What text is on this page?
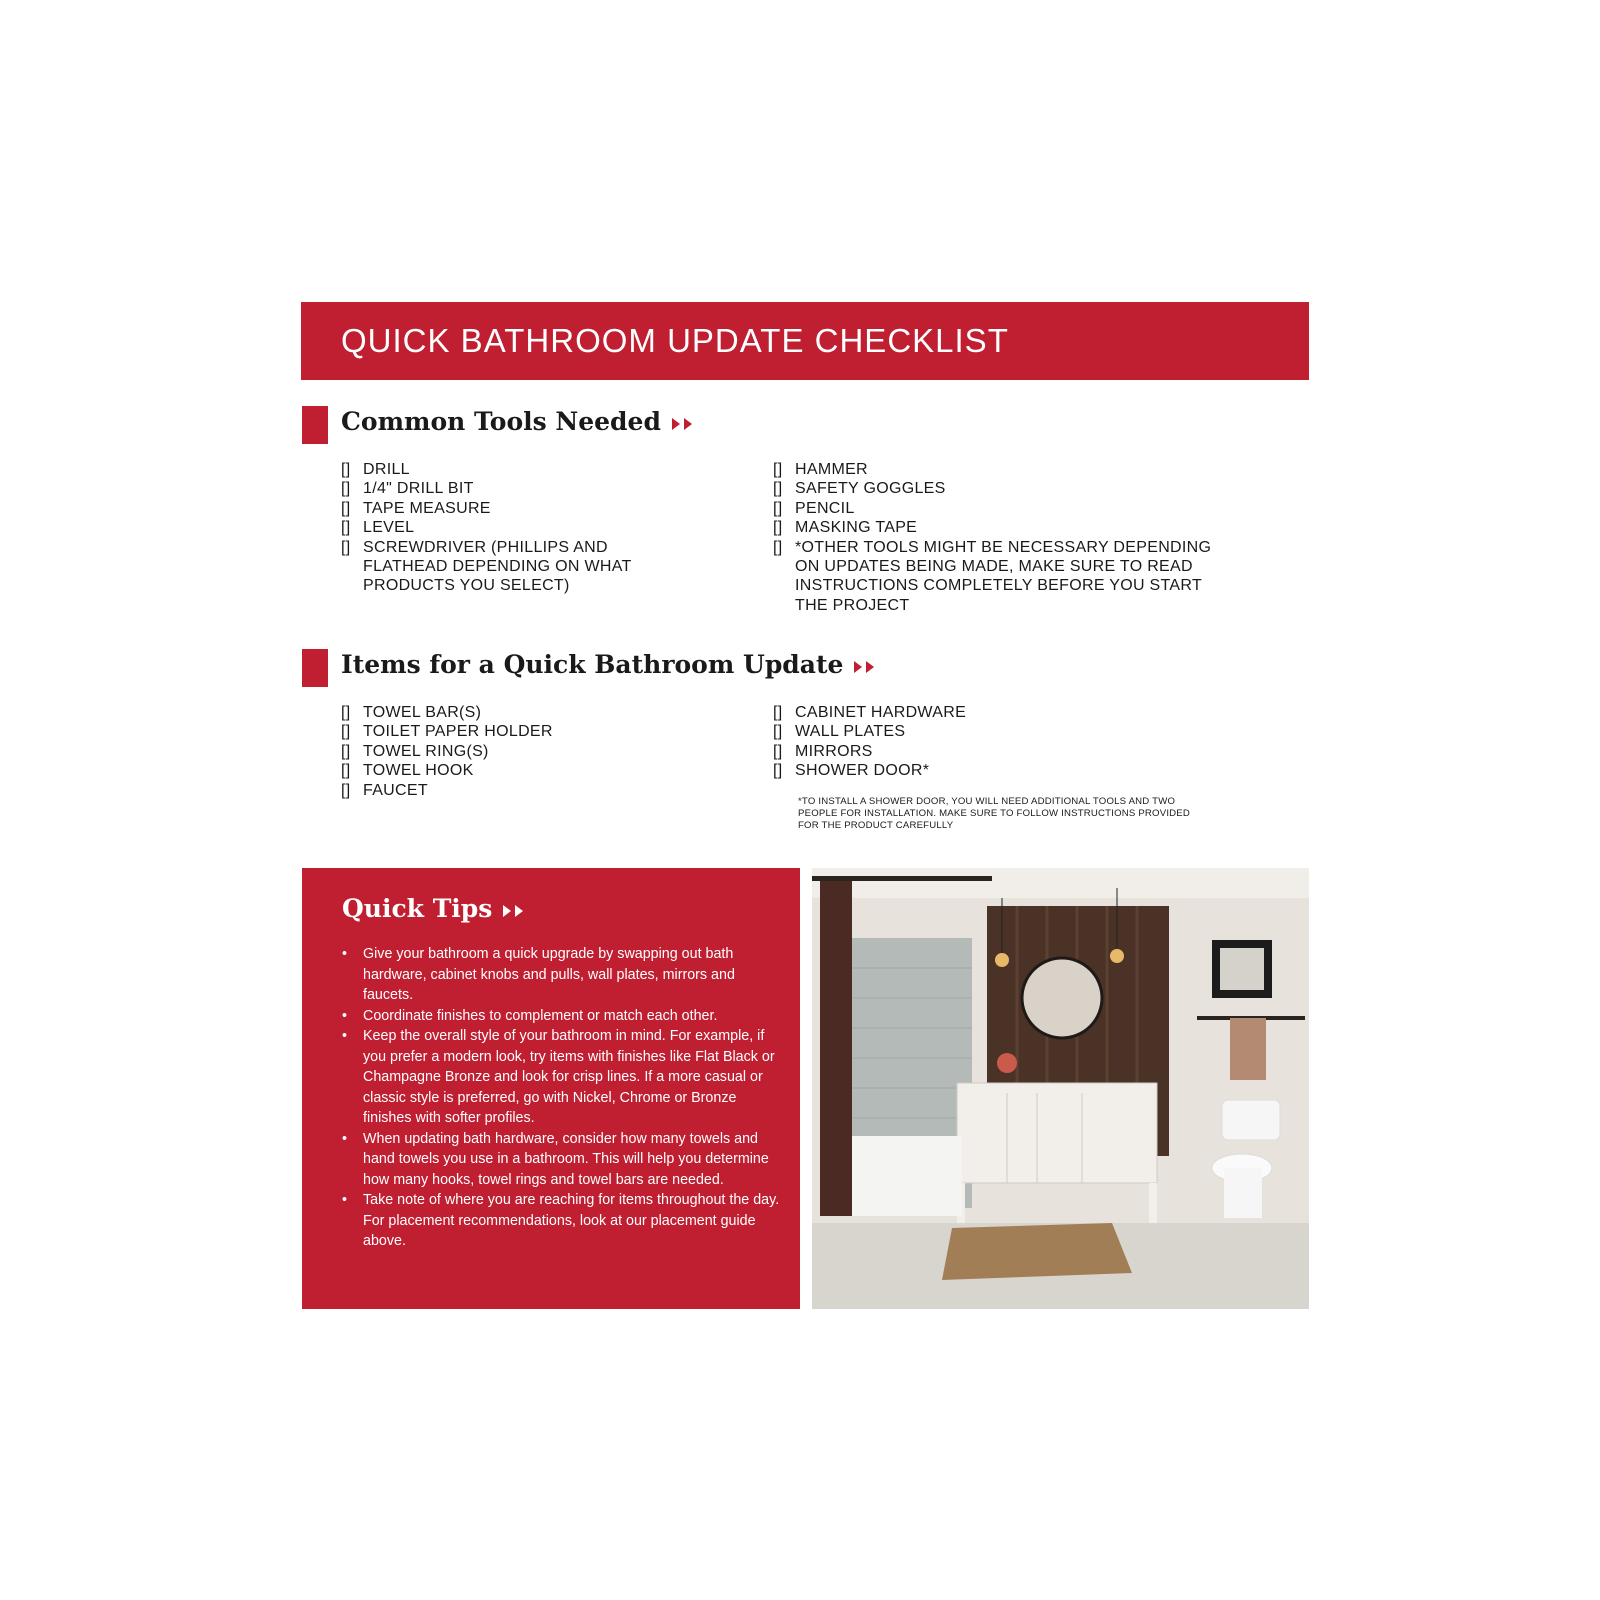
QUICK BATHROOM UPDATE CHECKLIST
Common Tools Needed
[] DRILL
[] 1/4" DRILL BIT
[] TAPE MEASURE
[] LEVEL
[] SCREWDRIVER (PHILLIPS AND
FLATHEAD DEPENDING ON WHAT
PRODUCTS YOU SELECT)
[] HAMMER
[] SAFETY GOGGLES
[] PENCIL
[] MASKING TAPE
[] *OTHER TOOLS MIGHT BE NECESSARY DEPENDING
ON UPDATES BEING MADE, MAKE SURE TO READ
INSTRUCTIONS COMPLETELY BEFORE YOU START
THE PROJECT
Items for a Quick Bathroom Update
[] TOWEL BAR(S)
[] TOILET PAPER HOLDER
[] TOWEL RING(S)
[] TOWEL HOOK
[] FAUCET
[] CABINET HARDWARE
[] WALL PLATES
[] MIRRORS
[] SHOWER DOOR*
*TO INSTALL A SHOWER DOOR, YOU WILL NEED ADDITIONAL TOOLS AND TWO
PEOPLE FOR INSTALLATION. MAKE SURE TO FOLLOW INSTRUCTIONS PROVIDED
FOR THE PRODUCT CAREFULLY
Quick Tips
• Give your bathroom a quick upgrade by swapping out bath hardware, cabinet knobs and pulls, wall plates, mirrors and faucets.
• Coordinate finishes to complement or match each other.
• Keep the overall style of your bathroom in mind. For example, if you prefer a modern look, try items with finishes like Flat Black or Champagne Bronze and look for crisp lines. If a more casual or classic style is preferred, go with Nickel, Chrome or Bronze finishes with softer profiles.
• When updating bath hardware, consider how many towels and hand towels you use in a bathroom. This will help you determine how many hooks, towel rings and towel bars are needed.
• Take note of where you are reaching for items throughout the day. For placement recommendations, look at our placement guide above.
